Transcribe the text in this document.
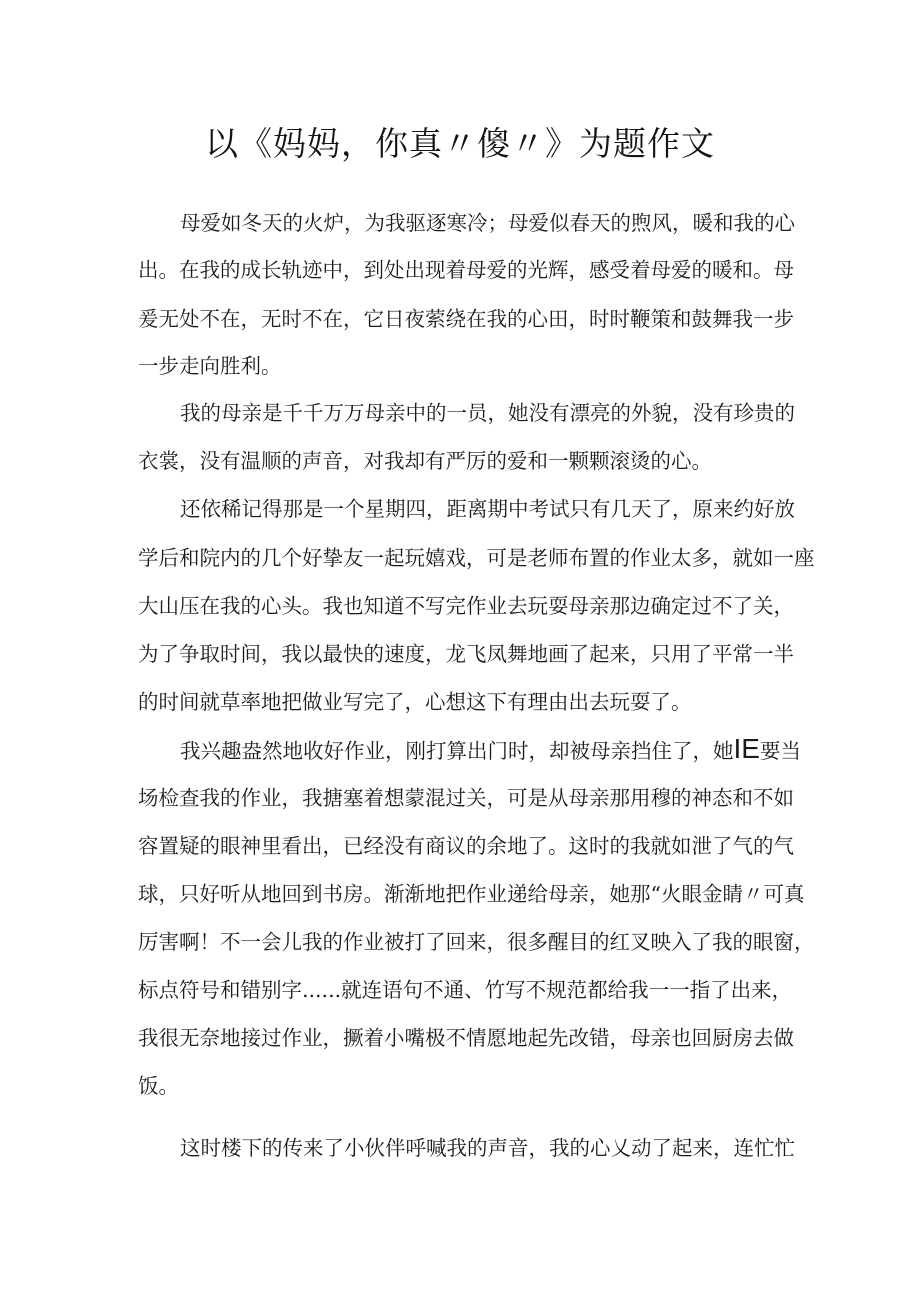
以《妈妈，你真〃傻〃》为题作文
母爱如冬天的火炉，为我驱逐寒冷；母爱似春天的煦风，暖和我的心
出。在我的成长轨迹中，到处出现着母爱的光辉，感受着母爱的暖和。母
爰无处不在，无时不在，它日夜萦绕在我的心田，时时鞭策和鼓舞我一步
一步走向胜利。
我的母亲是千千万万母亲中的一员，她没有漂亮的外貌，没有珍贵的
衣裳，没有温顺的声音，对我却有严厉的爱和一颗颗滚烫的心。
还依稀记得那是一个星期四，距离期中考试只有几天了，原来约好放
学后和院内的几个好挚友一起玩嬉戏，可是老师布置的作业太多，就如一座
大山压在我的心头。我也知道不写完作业去玩耍母亲那边确定过不了关，
为了争取时间，我以最快的速度，龙飞凤舞地画了起来，只用了平常一半
的时间就草率地把做业写完了，心想这下有理由出去玩耍了。
我兴趣盎然地收好作业，刚打算出门时，却被母亲挡住了，她IE要当
场检查我的作业，我搪塞着想蒙混过关，可是从母亲那用穆的神态和不如
容置疑的眼神里看出，已经没有商议的余地了。这时的我就如泄了气的气
球，只好听从地回到书房。渐渐地把作业递给母亲，她那“火眼金睛〃可真
厉害啊！不一会儿我的作业被打了回来，很多醒目的红叉映入了我的眼窗，
标点符号和错别字......就连语句不通、竹写不规范都给我一一指了出来，
我很无奈地接过作业，撅着小嘴极不情愿地起先改错，母亲也回厨房去做
饭。
这时楼下的传来了小伙伴呼喊我的声音，我的心乂动了起来，连忙忙
